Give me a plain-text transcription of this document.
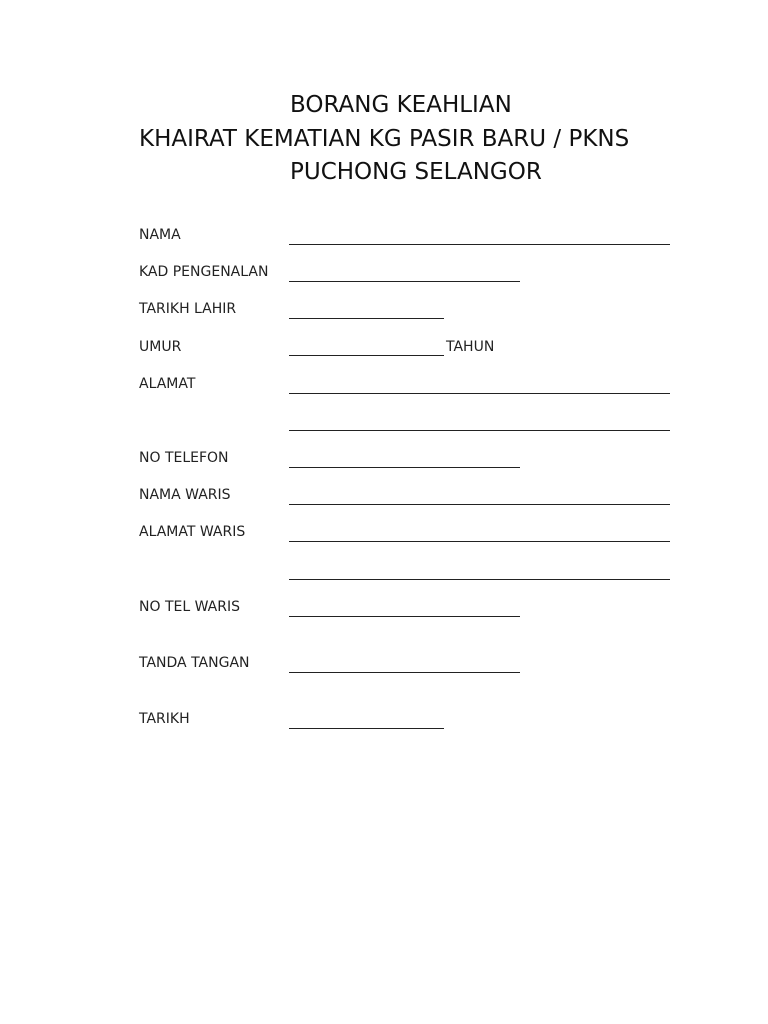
BORANG KEAHLIAN
KHAIRAT KEMATIAN KG PASIR BARU / PKNS
PUCHONG SELANGOR
NAMA
KAD PENGENALAN
TARIKH LAHIR
UMUR	TAHUN
ALAMAT
NO TELEFON
NAMA WARIS
ALAMAT WARIS
NO TEL WARIS
TANDA TANGAN
TARIKH
